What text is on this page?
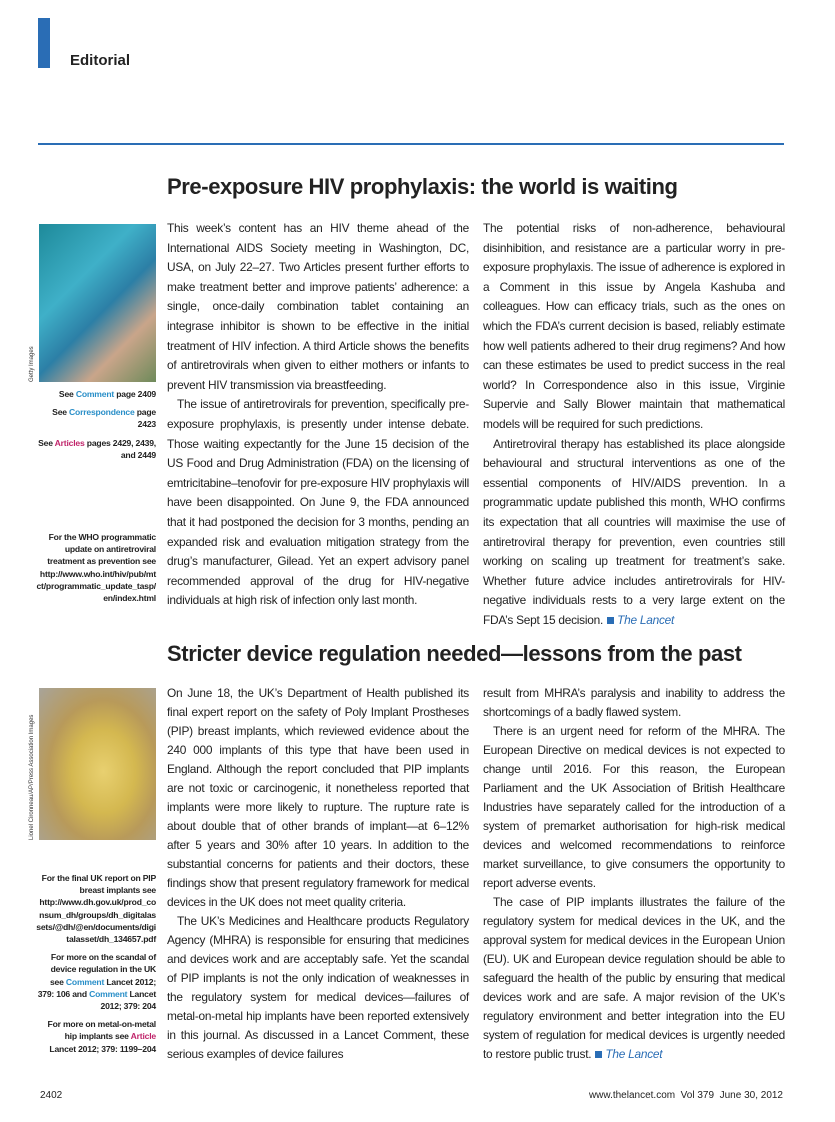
Editorial
Pre-exposure HIV prophylaxis: the world is waiting
Getty Images

See Comment page 2409

See Correspondence page 2423

See Articles pages 2429, 2439, and 2449

For the WHO programmatic update on antiretroviral treatment as prevention see http://www.who.int/hiv/pub/mtct/programmatic_update_tasp/en/index.html

This week’s content has an HIV theme ahead of the International AIDS Society meeting in Washington, DC, USA, on July 22–27. Two Articles present further efforts to make treatment better and improve patients’ adherence: a single, once-daily combination tablet containing an integrase inhibitor is shown to be effective in the initial treatment of HIV infection. A third Article shows the benefits of antiretrovirals when given to either mothers or infants to prevent HIV transmission via breastfeeding.

The issue of antiretrovirals for prevention, specifically pre-exposure prophylaxis, is presently under intense debate. Those waiting expectantly for the June 15 decision of the US Food and Drug Administration (FDA) on the licensing of emtricitabine–tenofovir for pre-exposure HIV prophylaxis will have been disappointed. On June 9, the FDA announced that it had postponed the decision for 3 months, pending an expanded risk and evaluation mitigation strategy from the drug’s manufacturer, Gilead. Yet an expert advisory panel recommended approval of the drug for HIV-negative individuals at high risk of infection only last month.

The potential risks of non-adherence, behavioural disinhibition, and resistance are a particular worry in pre-exposure prophylaxis. The issue of adherence is explored in a Comment in this issue by Angela Kashuba and colleagues. How can efficacy trials, such as the ones on which the FDA’s current decision is based, reliably estimate how well patients adhered to their drug regimens? And how can these estimates be used to predict success in the real world? In Correspondence also in this issue, Virginie Supervie and Sally Blower maintain that mathematical models will be required for such predictions.

Antiretroviral therapy has established its place alongside behavioural and structural interventions as one of the essential components of HIV/AIDS prevention. In a programmatic update published this month, WHO confirms its expectation that all countries will maximise the use of antiretroviral therapy for prevention, even countries still working on scaling up treatment for treatment’s sake. Whether future advice includes antiretrovirals for HIV-negative individuals rests to a very large extent on the FDA’s Sept 15 decision. The Lancet

Stricter device regulation needed—lessons from the past
Lionel Cironneau/AP/Press Association Images

For the final UK report on PIP breast implants see http://www.dh.gov.uk/prod_consum_dh/groups/dh_digitalassets/@dh/@en/documents/digitalasset/dh_134657.pdf

For more on the scandal of device regulation in the UK see Comment Lancet 2012; 379: 106 and Comment Lancet 2012; 379: 204

For more on metal-on-metal hip implants see Article Lancet 2012; 379: 1199–204

On June 18, the UK’s Department of Health published its final expert report on the safety of Poly Implant Prostheses (PIP) breast implants, which reviewed evidence about the 240 000 implants of this type that have been used in England. Although the report concluded that PIP implants are not toxic or carcinogenic, it nonetheless reported that implants were more likely to rupture. The rupture rate is about double that of other brands of implant—at 6–12% after 5 years and 30% after 10 years. In addition to the substantial concerns for patients and their doctors, these findings show that present regulatory framework for medical devices in the UK does not meet quality criteria.

The UK’s Medicines and Healthcare products Regulatory Agency (MHRA) is responsible for ensuring that medicines and devices work and are acceptably safe. Yet the scandal of PIP implants is not the only indication of weaknesses in the regulatory system for medical devices—failures of metal-on-metal hip implants have been reported extensively in this journal. As discussed in a Lancet Comment, these serious examples of device failures

result from MHRA’s paralysis and inability to address the shortcomings of a badly flawed system.

There is an urgent need for reform of the MHRA. The European Directive on medical devices is not expected to change until 2016. For this reason, the European Parliament and the UK Association of British Healthcare Industries have separately called for the introduction of a system of premarket authorisation for high-risk medical devices and welcomed recommendations to reinforce market surveillance, to give consumers the opportunity to report adverse events.

The case of PIP implants illustrates the failure of the regulatory system for medical devices in the UK, and the approval system for medical devices in the European Union (EU). UK and European device regulation should be able to safeguard the health of the public by ensuring that medical devices work and are safe. A major revision of the UK’s regulatory environment and better integration into the EU system of regulation for medical devices is urgently needed to restore public trust. The Lancet

2402	www.thelancet.com Vol 379 June 30, 2012
